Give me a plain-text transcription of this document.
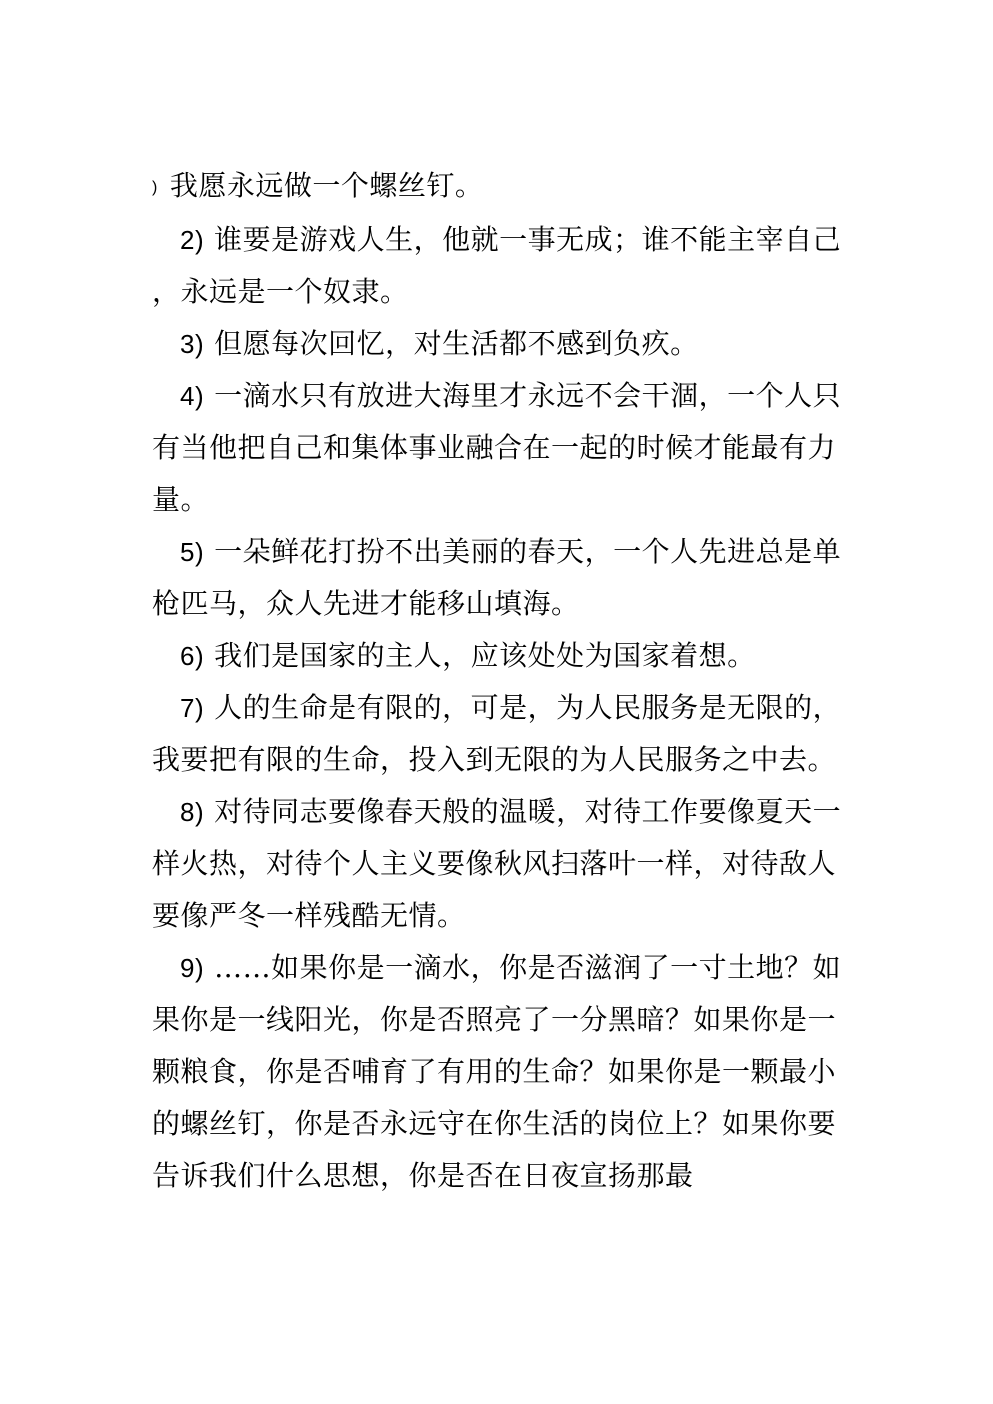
) 我愿永远做一个螺丝钉。

2) 谁要是游戏人生，他就一事无成；谁不能主宰自己，永远是一个奴隶。

3) 但愿每次回忆，对生活都不感到负疚。

4) 一滴水只有放进大海里才永远不会干涸，一个人只有当他把自己和集体事业融合在一起的时候才能最有力量。

5) 一朵鲜花打扮不出美丽的春天，一个人先进总是单枪匹马，众人先进才能移山填海。

6) 我们是国家的主人，应该处处为国家着想。

7) 人的生命是有限的，可是，为人民服务是无限的，我要把有限的生命，投入到无限的为人民服务之中去。

8) 对待同志要像春天般的温暖，对待工作要像夏天一样火热，对待个人主义要像秋风扫落叶一样，对待敌人要像严冬一样残酷无情。

9) ……如果你是一滴水，你是否滋润了一寸土地？如果你是一线阳光，你是否照亮了一分黑暗？如果你是一颗粮食，你是否哺育了有用的生命？如果你是一颗最小的螺丝钉，你是否永远守在你生活的岗位上？如果你要告诉我们什么思想，你是否在日夜宣扬那最
